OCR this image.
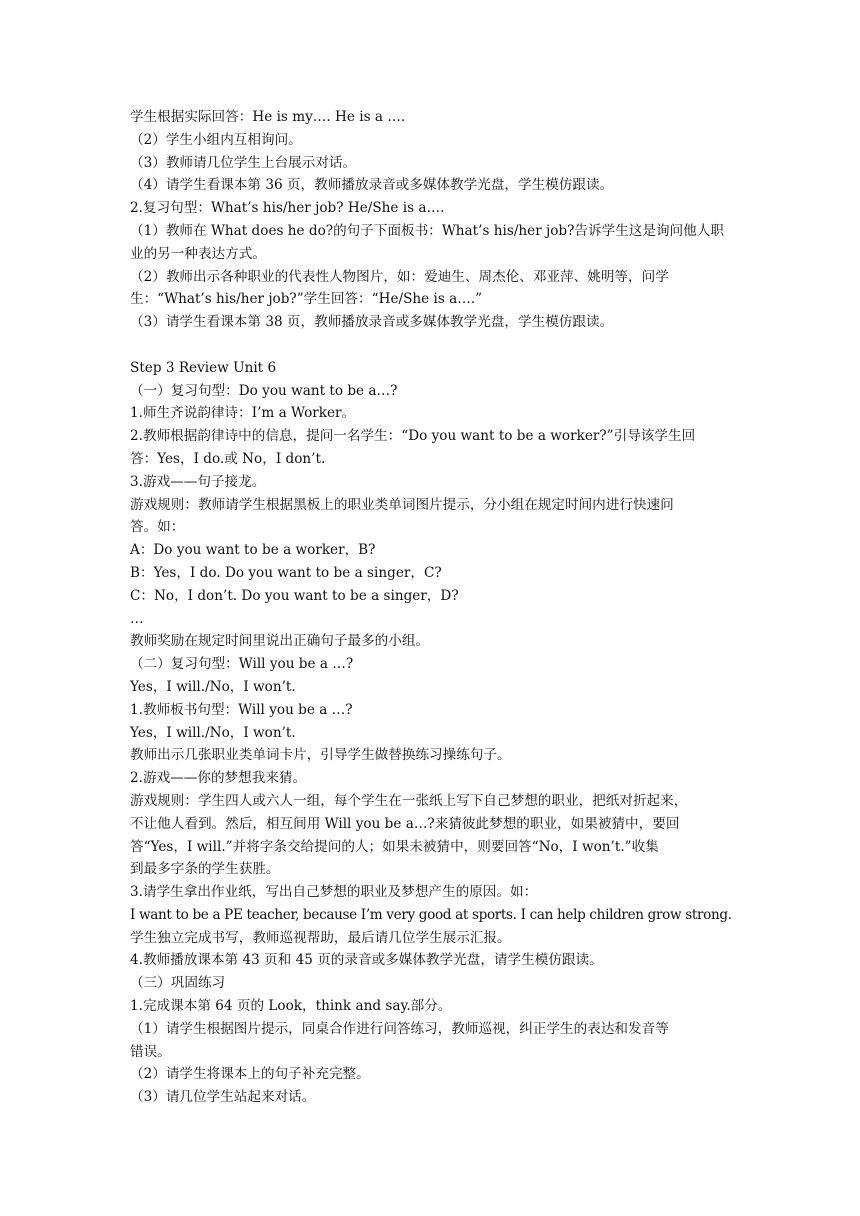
学生根据实际回答：He is my…. He is a ….
（2）学生小组内互相询问。
（3）教师请几位学生上台展示对话。
（4）请学生看课本第 36 页，教师播放录音或多媒体教学光盘，学生模仿跟读。
2.复习句型：What’s his/her job? He/She is a….
（1）教师在 What does he do?的句子下面板书：What’s his/her job?告诉学生这是询问他人职
业的另一种表达方式。
（2）教师出示各种职业的代表性人物图片，如：爱迪生、周杰伦、邓亚萍、姚明等，问学
生：“What’s his/her job?”学生回答：“He/She is a….”
（3）请学生看课本第 38 页，教师播放录音或多媒体教学光盘，学生模仿跟读。
Step 3 Review Unit 6
（一）复习句型：Do you want to be a…?
1.师生齐说韵律诗：I’m a Worker。
2.教师根据韵律诗中的信息，提问一名学生：“Do you want to be a worker?”引导该学生回
答：Yes，I do.或 No，I don’t.
3.游戏——句子接龙。
游戏规则：教师请学生根据黑板上的职业类单词图片提示，分小组在规定时间内进行快速问
答。如：
A：Do you want to be a worker，B?
B：Yes，I do. Do you want to be a singer，C?
C：No，I don’t. Do you want to be a singer，D?
…
教师奖励在规定时间里说出正确句子最多的小组。
（二）复习句型：Will you be a …?
Yes，I will./No，I won’t.
1.教师板书句型：Will you be a …?
Yes，I will./No，I won’t.
教师出示几张职业类单词卡片，引导学生做替换练习操练句子。
2.游戏——你的梦想我来猜。
游戏规则：学生四人或六人一组，每个学生在一张纸上写下自己梦想的职业，把纸对折起来，
不让他人看到。然后，相互间用 Will you be a…?来猜彼此梦想的职业，如果被猜中，要回
答“Yes，I will.”并将字条交给提问的人；如果未被猜中，则要回答“No，I won’t.”收集
到最多字条的学生获胜。
3.请学生拿出作业纸，写出自己梦想的职业及梦想产生的原因。如：
I want to be a PE teacher, because I’m very good at sports. I can help children grow strong.
学生独立完成书写，教师巡视帮助，最后请几位学生展示汇报。
4.教师播放课本第 43 页和 45 页的录音或多媒体教学光盘，请学生模仿跟读。
（三）巩固练习
1.完成课本第 64 页的 Look，think and say.部分。
（1）请学生根据图片提示，同桌合作进行问答练习，教师巡视，纠正学生的表达和发音等
错误。
（2）请学生将课本上的句子补充完整。
（3）请几位学生站起来对话。
